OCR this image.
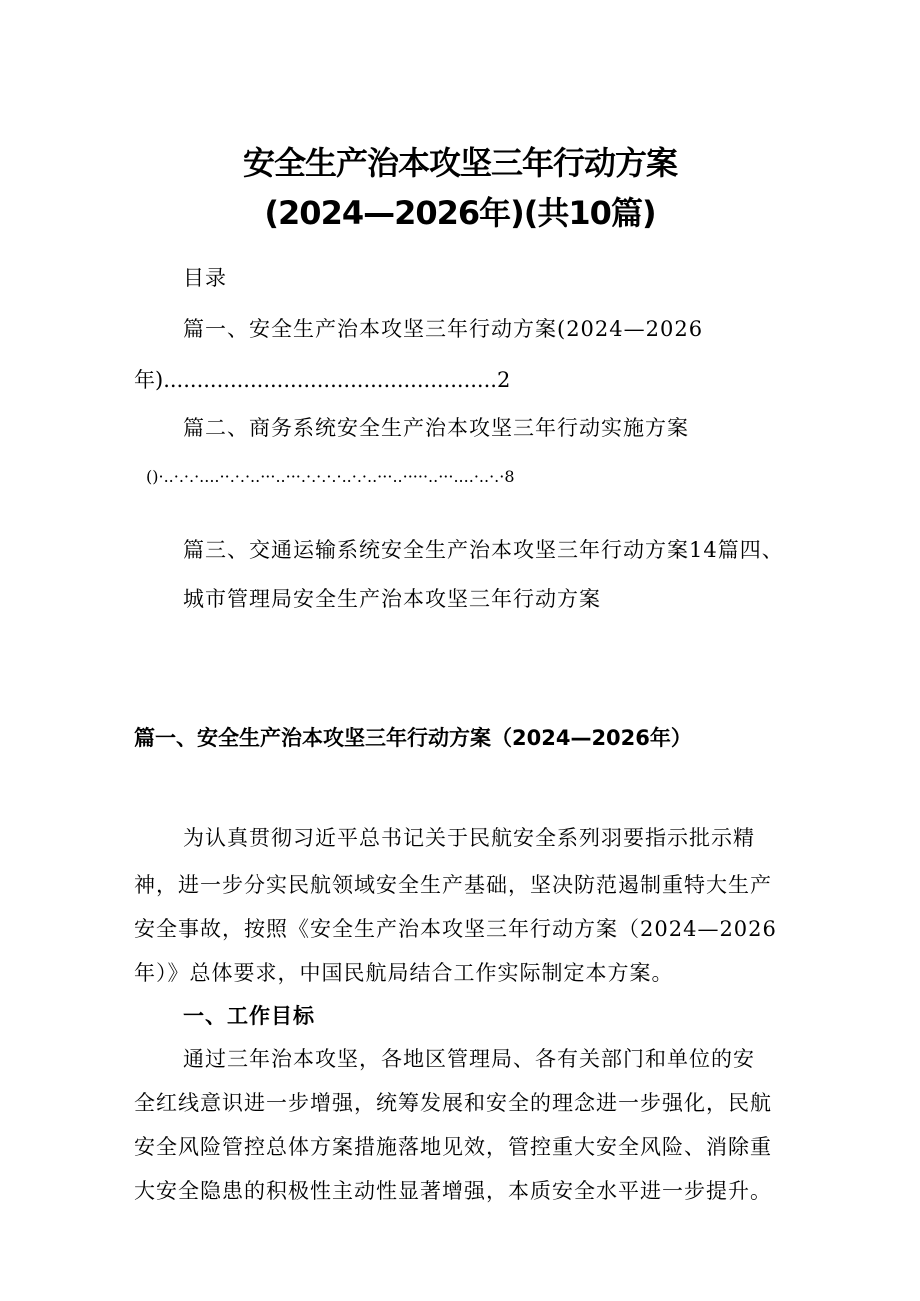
安全生产治本攻坚三年行动方案
(2024—2026年)(共10篇)
目录
篇一、安全生产治本攻坚三年行动方案(2024—2026
年)..................................................2
篇二、商务系统安全生产治本攻坚三年行动实施方案
()·..·.·.·....··.·.·..···..···.·.·.·.·..·.·..···..·····..···....·..·.·8
篇三、交通运输系统安全生产治本攻坚三年行动方案14篇四、
城市管理局安全生产治本攻坚三年行动方案
篇一、安全生产治本攻坚三年行动方案（2024—2026年）
为认真贯彻习近平总书记关于民航安全系列羽要指示批示精
神，进一步分实民航领域安全生产基础，坚决防范遏制重特大生产
安全事故，按照《安全生产治本攻坚三年行动方案（2024—2026
年）》总体要求，中国民航局结合工作实际制定本方案。
一、工作目标
通过三年治本攻坚，各地区管理局、各有关部门和单位的安
全红线意识进一步增强，统筹发展和安全的理念进一步强化，民航
安全风险管控总体方案措施落地见效，管控重大安全风险、消除重
大安全隐患的积极性主动性显著增强，本质安全水平进一步提升。
